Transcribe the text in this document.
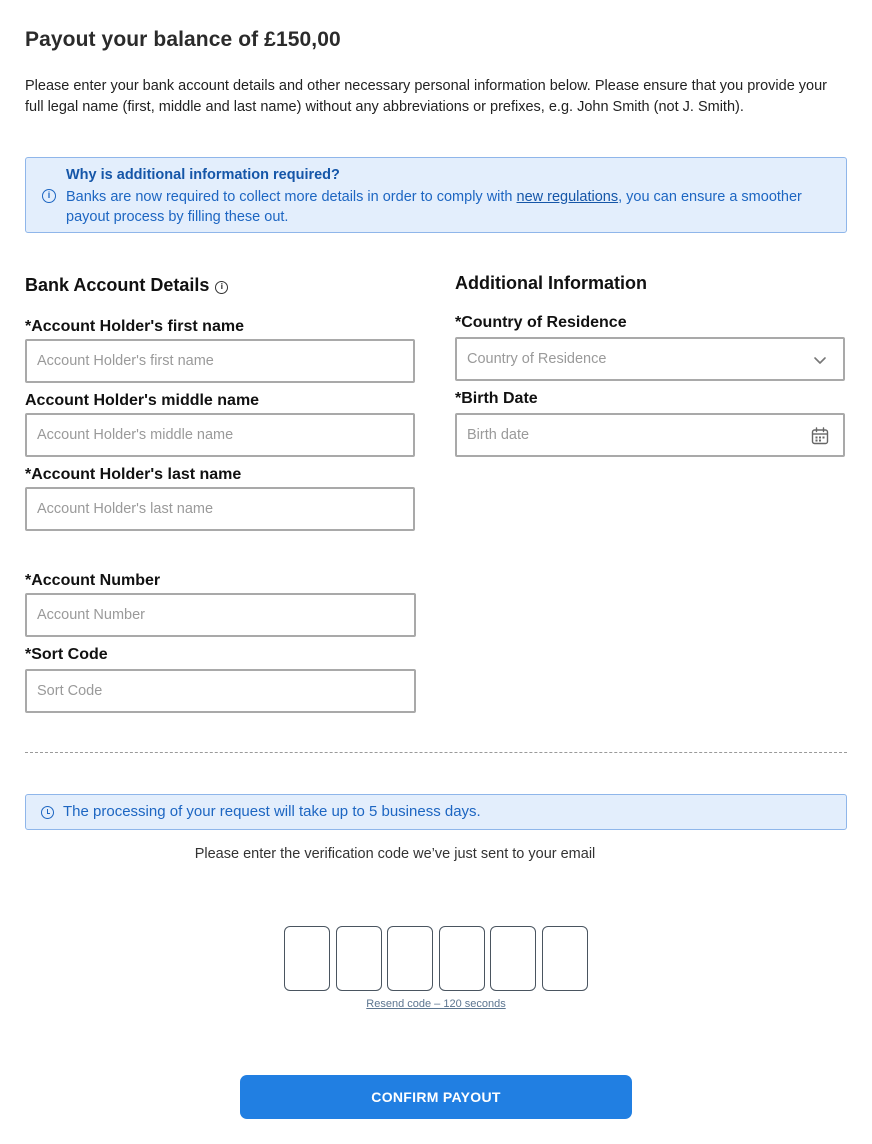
Payout your balance of £150,00

Please enter your bank account details and other necessary personal information below. Please ensure that you provide your full legal name (first, middle and last name) without any abbreviations or prefixes, e.g. John Smith (not J. Smith).

i
Why is additional information required?
Banks are now required to collect more details in order to comply with new regulations, you can ensure a smoother payout process by filling these out.
Bank Account Details i
*Account Holder's first name
Account Holder's first name
Account Holder's middle name
Account Holder's middle name
*Account Holder's last name
Account Holder's last name
*Account Number
Account Number
*Sort Code
Sort Code
Additional Information
*Country of Residence
Country of Residence
*Birth Date
Birth date
The processing of your request will take up to 5 business days.
Please enter the verification code we’ve just sent to your email
Resend code – 120 seconds
CONFIRM PAYOUT
